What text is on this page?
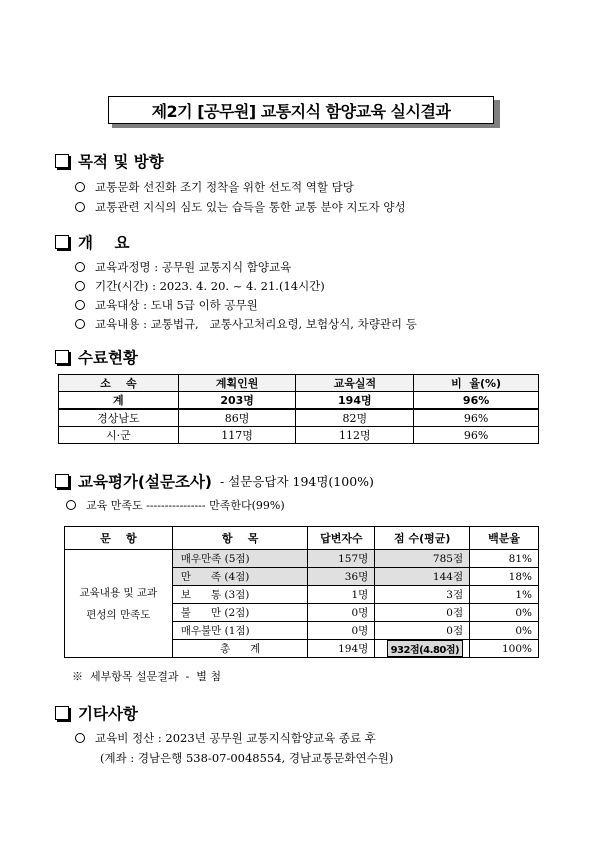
제2기 [공무원] 교통지식 함양교육 실시결과
목적 및 방향
교통문화 선진화 조기 정착을 위한 선도적 역할 담당
교통관련 지식의 심도 있는 습득을 통한 교통 분야 지도자 양성
개    요
교육과정명 : 공무원 교통지식 함양교육
기간(시간) : 2023. 4. 20. ~ 4. 21.(14시간)
교육대상 : 도내 5급 이하 공무원
교육내용 : 교통법규,   교통사고처리요령, 보험상식, 차량관리 등
수료현황
소    속	계획인원	교육실적	비  율(%)
계	203명	194명	96%
경상남도	86명	82명	96%
시·군	117명	112명	96%
교육평가(설문조사) - 설문응답자 194명(100%)
교육 만족도 ---------------- 만족한다(99%)
문    항	항    목	답변자수	점 수(평균)	백분율
교육내용 및 교과편성의 만족도	매우만족 (5점)	157명	785점	81%
	만      족 (4점)	36명	144점	18%
	보      통 (3점)	1명	3점	1%
	불      만 (2점)	0명	0점	0%
	매우불만 (1점)	0명	0점	0%
	총      계	194명	932점(4.80점)	100%
※  세부항목 설문결과  -  별 첨
기타사항
교육비 정산 : 2023년 공무원 교통지식함양교육 종료 후
(계좌 : 경남은행 538-07-0048554, 경남교통문화연수원)
